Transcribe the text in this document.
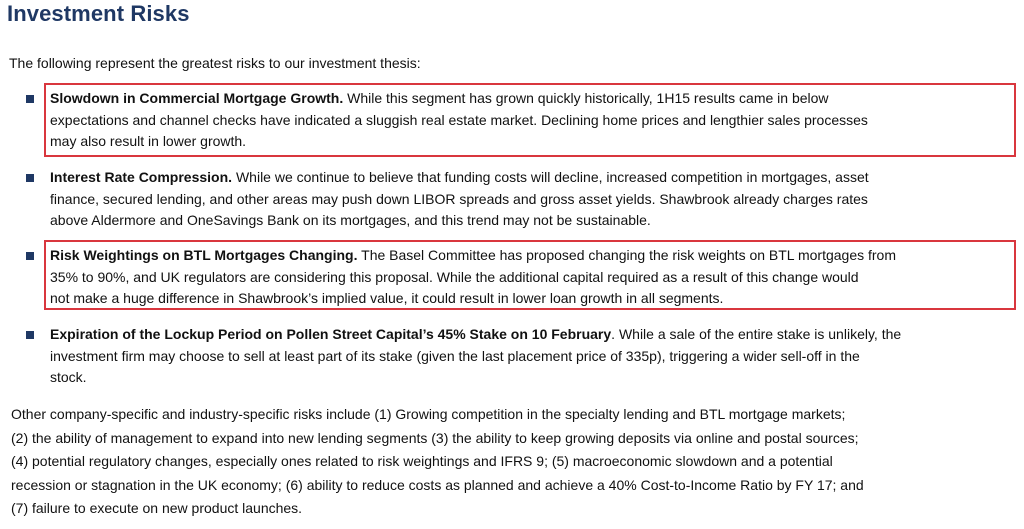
Investment Risks
The following represent the greatest risks to our investment thesis:
Slowdown in Commercial Mortgage Growth. While this segment has grown quickly historically, 1H15 results came in below
expectations and channel checks have indicated a sluggish real estate market. Declining home prices and lengthier sales processes
may also result in lower growth.
Interest Rate Compression. While we continue to believe that funding costs will decline, increased competition in mortgages, asset
finance, secured lending, and other areas may push down LIBOR spreads and gross asset yields. Shawbrook already charges rates
above Aldermore and OneSavings Bank on its mortgages, and this trend may not be sustainable.
Risk Weightings on BTL Mortgages Changing. The Basel Committee has proposed changing the risk weights on BTL mortgages from
35% to 90%, and UK regulators are considering this proposal. While the additional capital required as a result of this change would
not make a huge difference in Shawbrook’s implied value, it could result in lower loan growth in all segments.
Expiration of the Lockup Period on Pollen Street Capital’s 45% Stake on 10 February. While a sale of the entire stake is unlikely, the
investment firm may choose to sell at least part of its stake (given the last placement price of 335p), triggering a wider sell-off in the
stock.
Other company-specific and industry-specific risks include (1) Growing competition in the specialty lending and BTL mortgage markets;
(2) the ability of management to expand into new lending segments (3) the ability to keep growing deposits via online and postal sources;
(4) potential regulatory changes, especially ones related to risk weightings and IFRS 9; (5) macroeconomic slowdown and a potential
recession or stagnation in the UK economy; (6) ability to reduce costs as planned and achieve a 40% Cost-to-Income Ratio by FY 17; and
(7) failure to execute on new product launches.
